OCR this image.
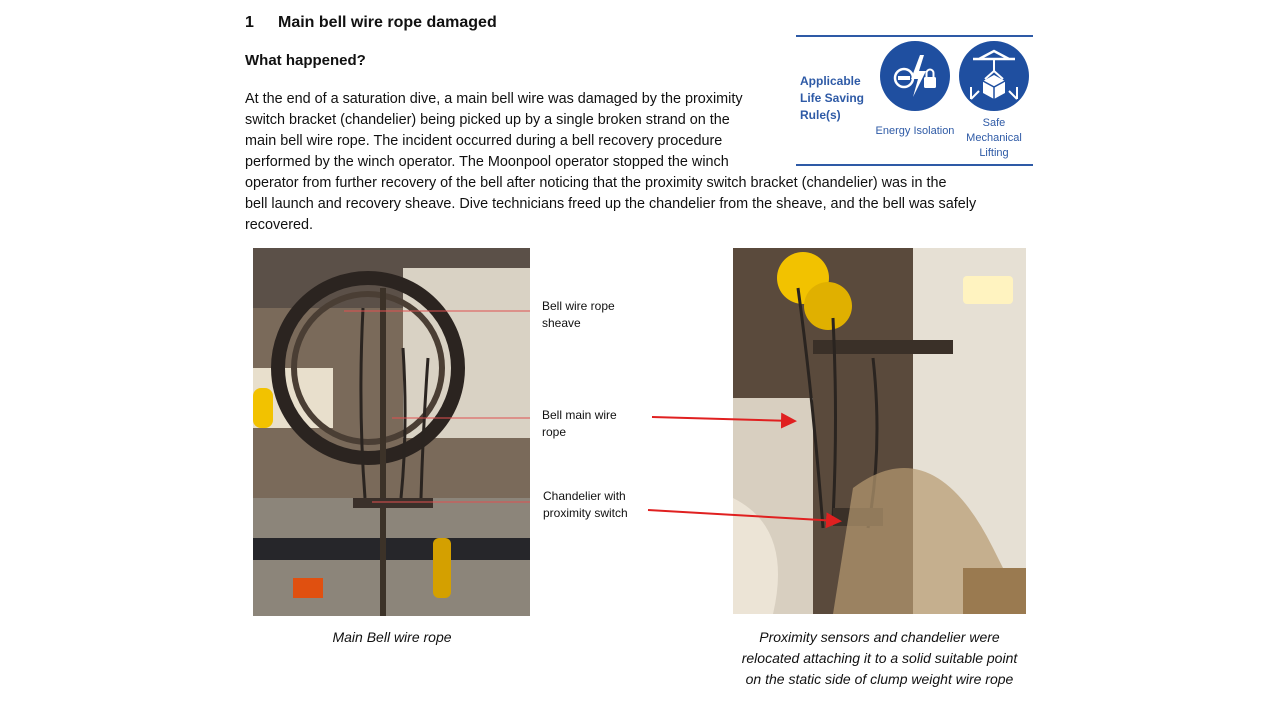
1 Main bell wire rope damaged
What happened?
At the end of a saturation dive, a main bell wire was damaged by the proximity
switch bracket (chandelier) being picked up by a single broken strand on the
main bell wire rope. The incident occurred during a bell recovery procedure
performed by the winch operator. The Moonpool operator stopped the winch
operator from further recovery of the bell after noticing that the proximity switch bracket (chandelier) was in the
bell launch and recovery sheave. Dive technicians freed up the chandelier from the sheave, and the bell was safely
recovered.
Applicable Life Saving Rule(s)
Energy Isolation
Safe Mechanical Lifting
Bell wire rope sheave
Bell main wire rope
Chandelier with proximity switch
Main Bell wire rope	Proximity sensors and chandelier were relocated attaching it to a solid suitable point on the static side of clump weight wire rope
